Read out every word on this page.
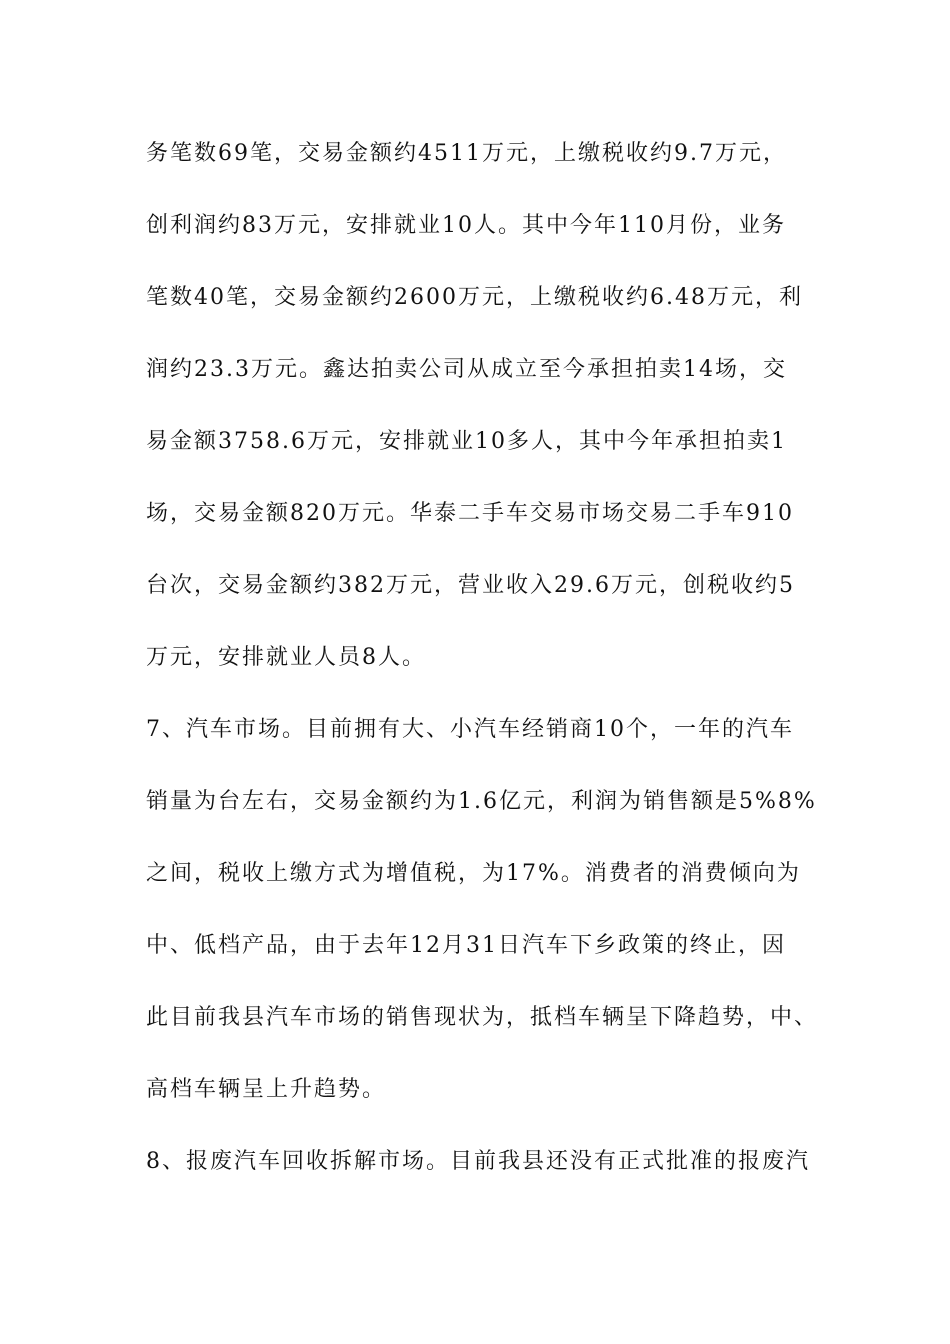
务笔数69笔，交易金额约4511万元，上缴税收约9.7万元，
创利润约83万元，安排就业10人。其中今年110月份，业务
笔数40笔，交易金额约2600万元，上缴税收约6.48万元，利
润约23.3万元。鑫达拍卖公司从成立至今承担拍卖14场，交
易金额3758.6万元，安排就业10多人，其中今年承担拍卖1
场，交易金额820万元。华泰二手车交易市场交易二手车910
台次，交易金额约382万元，营业收入29.6万元，创税收约5
万元，安排就业人员8人。
7、汽车市场。目前拥有大、小汽车经销商10个，一年的汽车
销量为台左右，交易金额约为1.6亿元，利润为销售额是5%8%
之间，税收上缴方式为增值税，为17%。消费者的消费倾向为
中、低档产品，由于去年12月31日汽车下乡政策的终止，因
此目前我县汽车市场的销售现状为，抵档车辆呈下降趋势，中、
高档车辆呈上升趋势。
8、报废汽车回收拆解市场。目前我县还没有正式批准的报废汽
